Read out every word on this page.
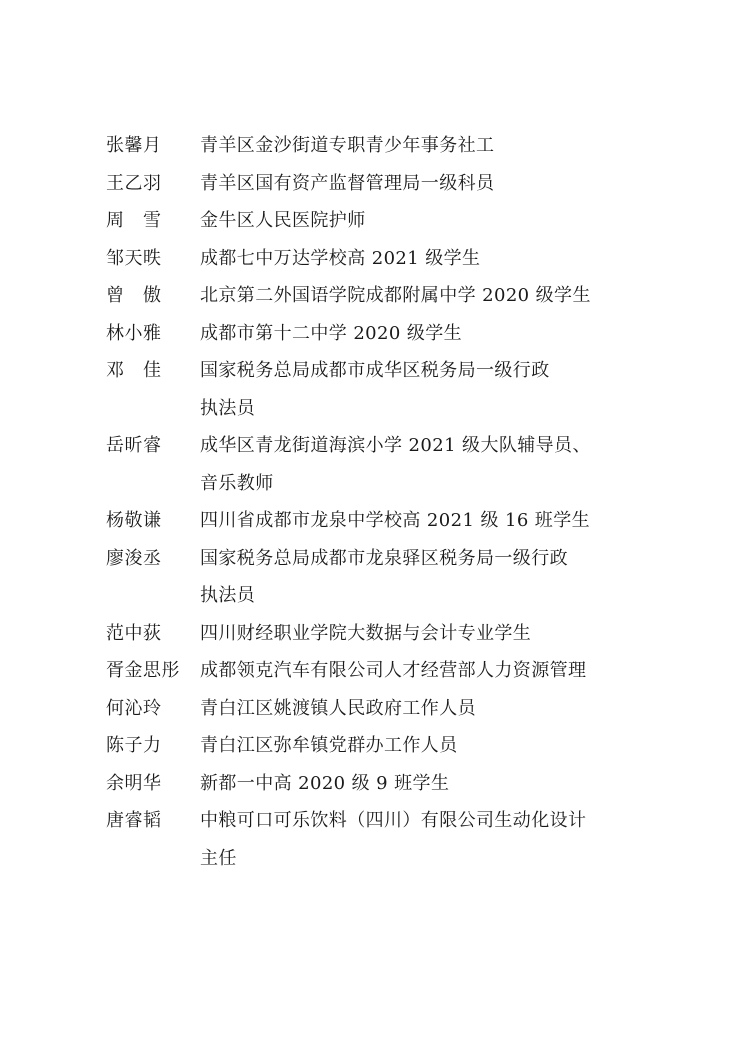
张馨月	青羊区金沙街道专职青少年事务社工
王乙羽	青羊区国有资产监督管理局一级科员
周　雪	金牛区人民医院护师
邹天昳	成都七中万达学校高 2021 级学生
曾　傲	北京第二外国语学院成都附属中学 2020 级学生
林小雅	成都市第十二中学 2020 级学生
邓　佳	国家税务总局成都市成华区税务局一级行政
执法员
岳昕睿	成华区青龙街道海滨小学 2021 级大队辅导员、
音乐教师
杨敬谦	四川省成都市龙泉中学校高 2021 级 16 班学生
廖浚丞	国家税务总局成都市龙泉驿区税务局一级行政
执法员
范中荻	四川财经职业学院大数据与会计专业学生
胥金思彤	成都领克汽车有限公司人才经营部人力资源管理
何沁玲	青白江区姚渡镇人民政府工作人员
陈子力	青白江区弥牟镇党群办工作人员
余明华	新都一中高 2020 级 9 班学生
唐睿韬	中粮可口可乐饮料（四川）有限公司生动化设计
主任
